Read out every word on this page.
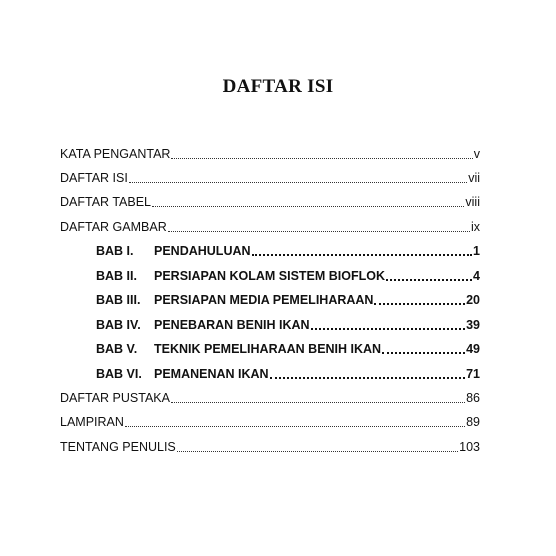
DAFTAR ISI
KATA PENGANTAR	v
DAFTAR ISI	vii
DAFTAR TABEL	viii
DAFTAR GAMBAR	ix
BAB I.	PENDAHULUAN	1
BAB II.	PERSIAPAN KOLAM SISTEM BIOFLOK	4
BAB III.	PERSIAPAN MEDIA PEMELIHARAAN	20
BAB IV.	PENEBARAN BENIH IKAN	39
BAB V.	TEKNIK PEMELIHARAAN BENIH IKAN	49
BAB VI. PEMANENAN IKAN	71
DAFTAR PUSTAKA	86
LAMPIRAN	89
TENTANG PENULIS	103
